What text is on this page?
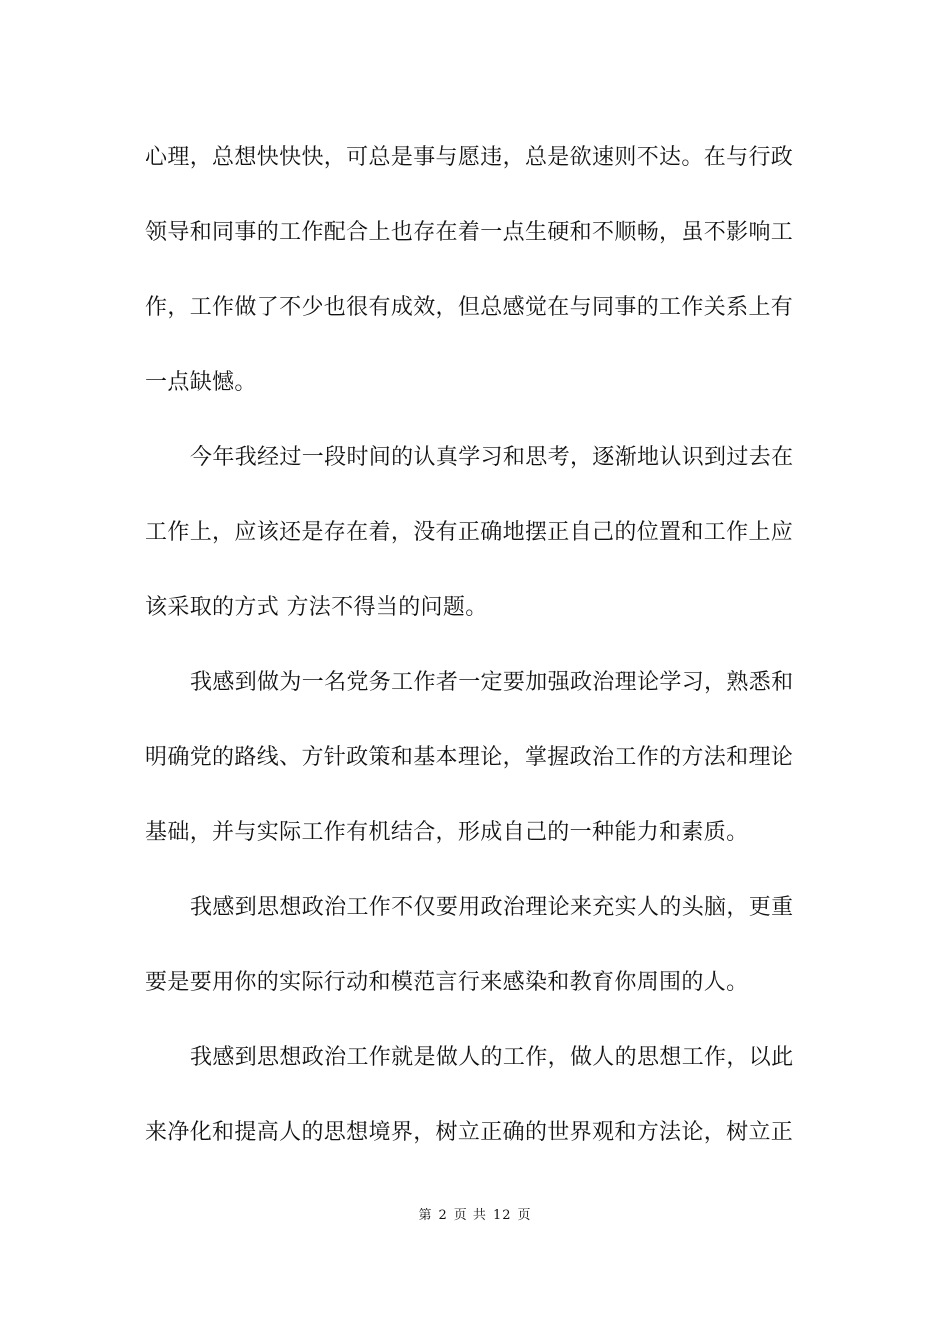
心理，总想快快快，可总是事与愿违，总是欲速则不达。在与行政
领导和同事的工作配合上也存在着一点生硬和不顺畅，虽不影响工
作，工作做了不少也很有成效，但总感觉在与同事的工作关系上有
一点缺憾。
今年我经过一段时间的认真学习和思考，逐渐地认识到过去在
工作上，应该还是存在着，没有正确地摆正自己的位置和工作上应
该采取的方式 方法不得当的问题。
我感到做为一名党务工作者一定要加强政治理论学习，熟悉和
明确党的路线、方针政策和基本理论，掌握政治工作的方法和理论
基础，并与实际工作有机结合，形成自己的一种能力和素质。
我感到思想政治工作不仅要用政治理论来充实人的头脑，更重
要是要用你的实际行动和模范言行来感染和教育你周围的人。
我感到思想政治工作就是做人的工作，做人的思想工作，以此
来净化和提高人的思想境界，树立正确的世界观和方法论，树立正
第 2 页 共 12 页
